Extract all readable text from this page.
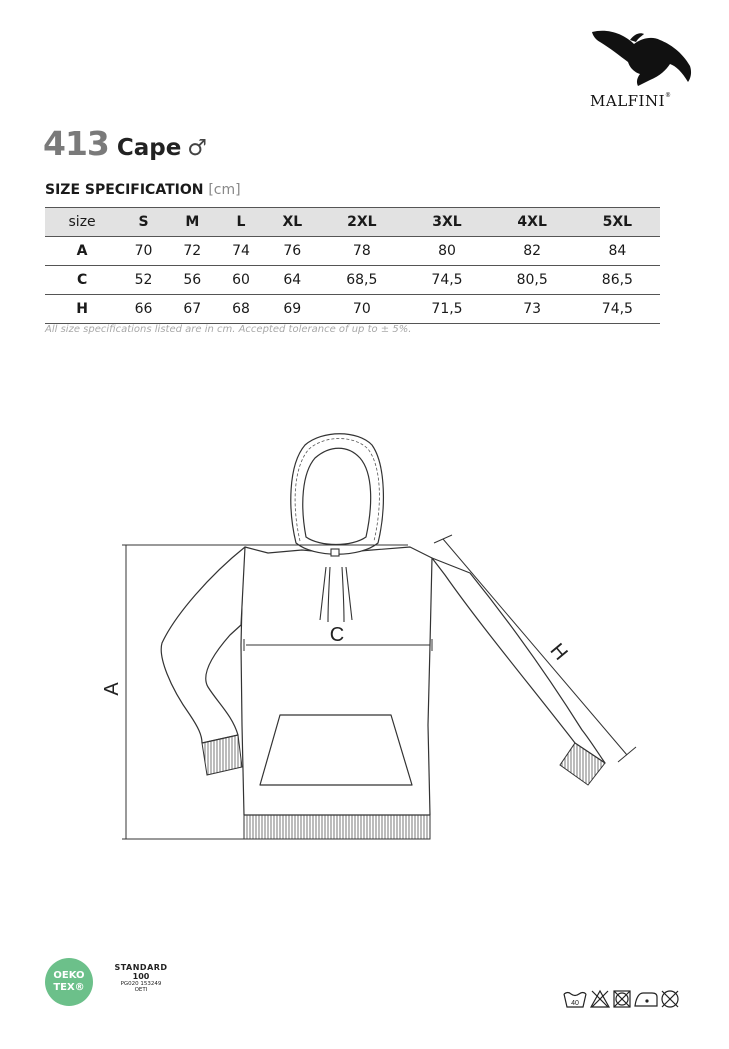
MALFINI®
413 Cape ♂
SIZE SPECIFICATION [cm]
size	S	M	L	XL	2XL	3XL	4XL	5XL
A	70	72	74	76	78	80	82	84
C	52	56	60	64	68,5	74,5	80,5	86,5
H	66	67	68	69	70	71,5	73	74,5
All size specifications listed are in cm. Accepted tolerance of up to ± 5%.
A
C
H
OEKO
TEX®
STANDARD
100
PG020 153249
OETI
40
